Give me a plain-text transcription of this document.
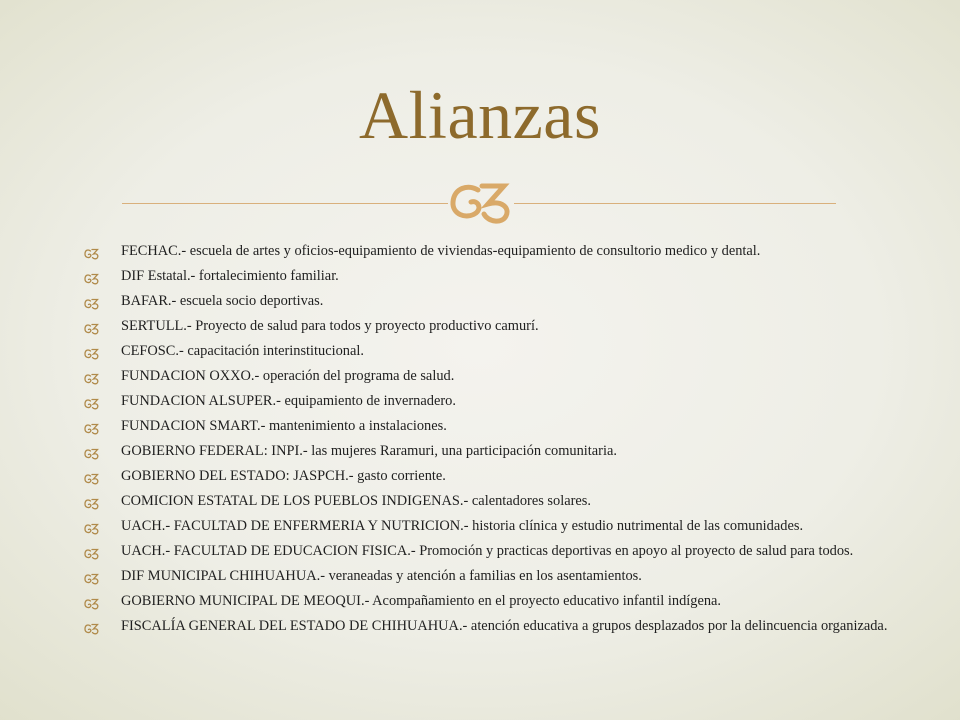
Alianzas
FECHAC.- escuela de artes y oficios-equipamiento de viviendas-equipamiento de consultorio medico y dental.
DIF Estatal.- fortalecimiento familiar.
BAFAR.- escuela socio deportivas.
SERTULL.- Proyecto de salud para todos y proyecto productivo camurí.
CEFOSC.- capacitación interinstitucional.
FUNDACION OXXO.- operación del programa de salud.
FUNDACION ALSUPER.- equipamiento de invernadero.
FUNDACION SMART.- mantenimiento a instalaciones.
GOBIERNO FEDERAL: INPI.- las mujeres Raramuri, una participación comunitaria.
GOBIERNO DEL ESTADO: JASPCH.- gasto corriente.
COMICION ESTATAL DE LOS PUEBLOS INDIGENAS.- calentadores solares.
UACH.- FACULTAD DE ENFERMERIA Y NUTRICION.- historia clínica y estudio nutrimental de las comunidades.
UACH.- FACULTAD DE EDUCACION FISICA.- Promoción y practicas deportivas en apoyo al proyecto de salud para todos.
DIF MUNICIPAL CHIHUAHUA.- veraneadas y atención a familias en los asentamientos.
GOBIERNO MUNICIPAL DE MEOQUI.- Acompañamiento en el proyecto educativo infantil indígena.
FISCALÍA GENERAL DEL ESTADO DE CHIHUAHUA.- atención educativa a grupos desplazados por la delincuencia organizada.
